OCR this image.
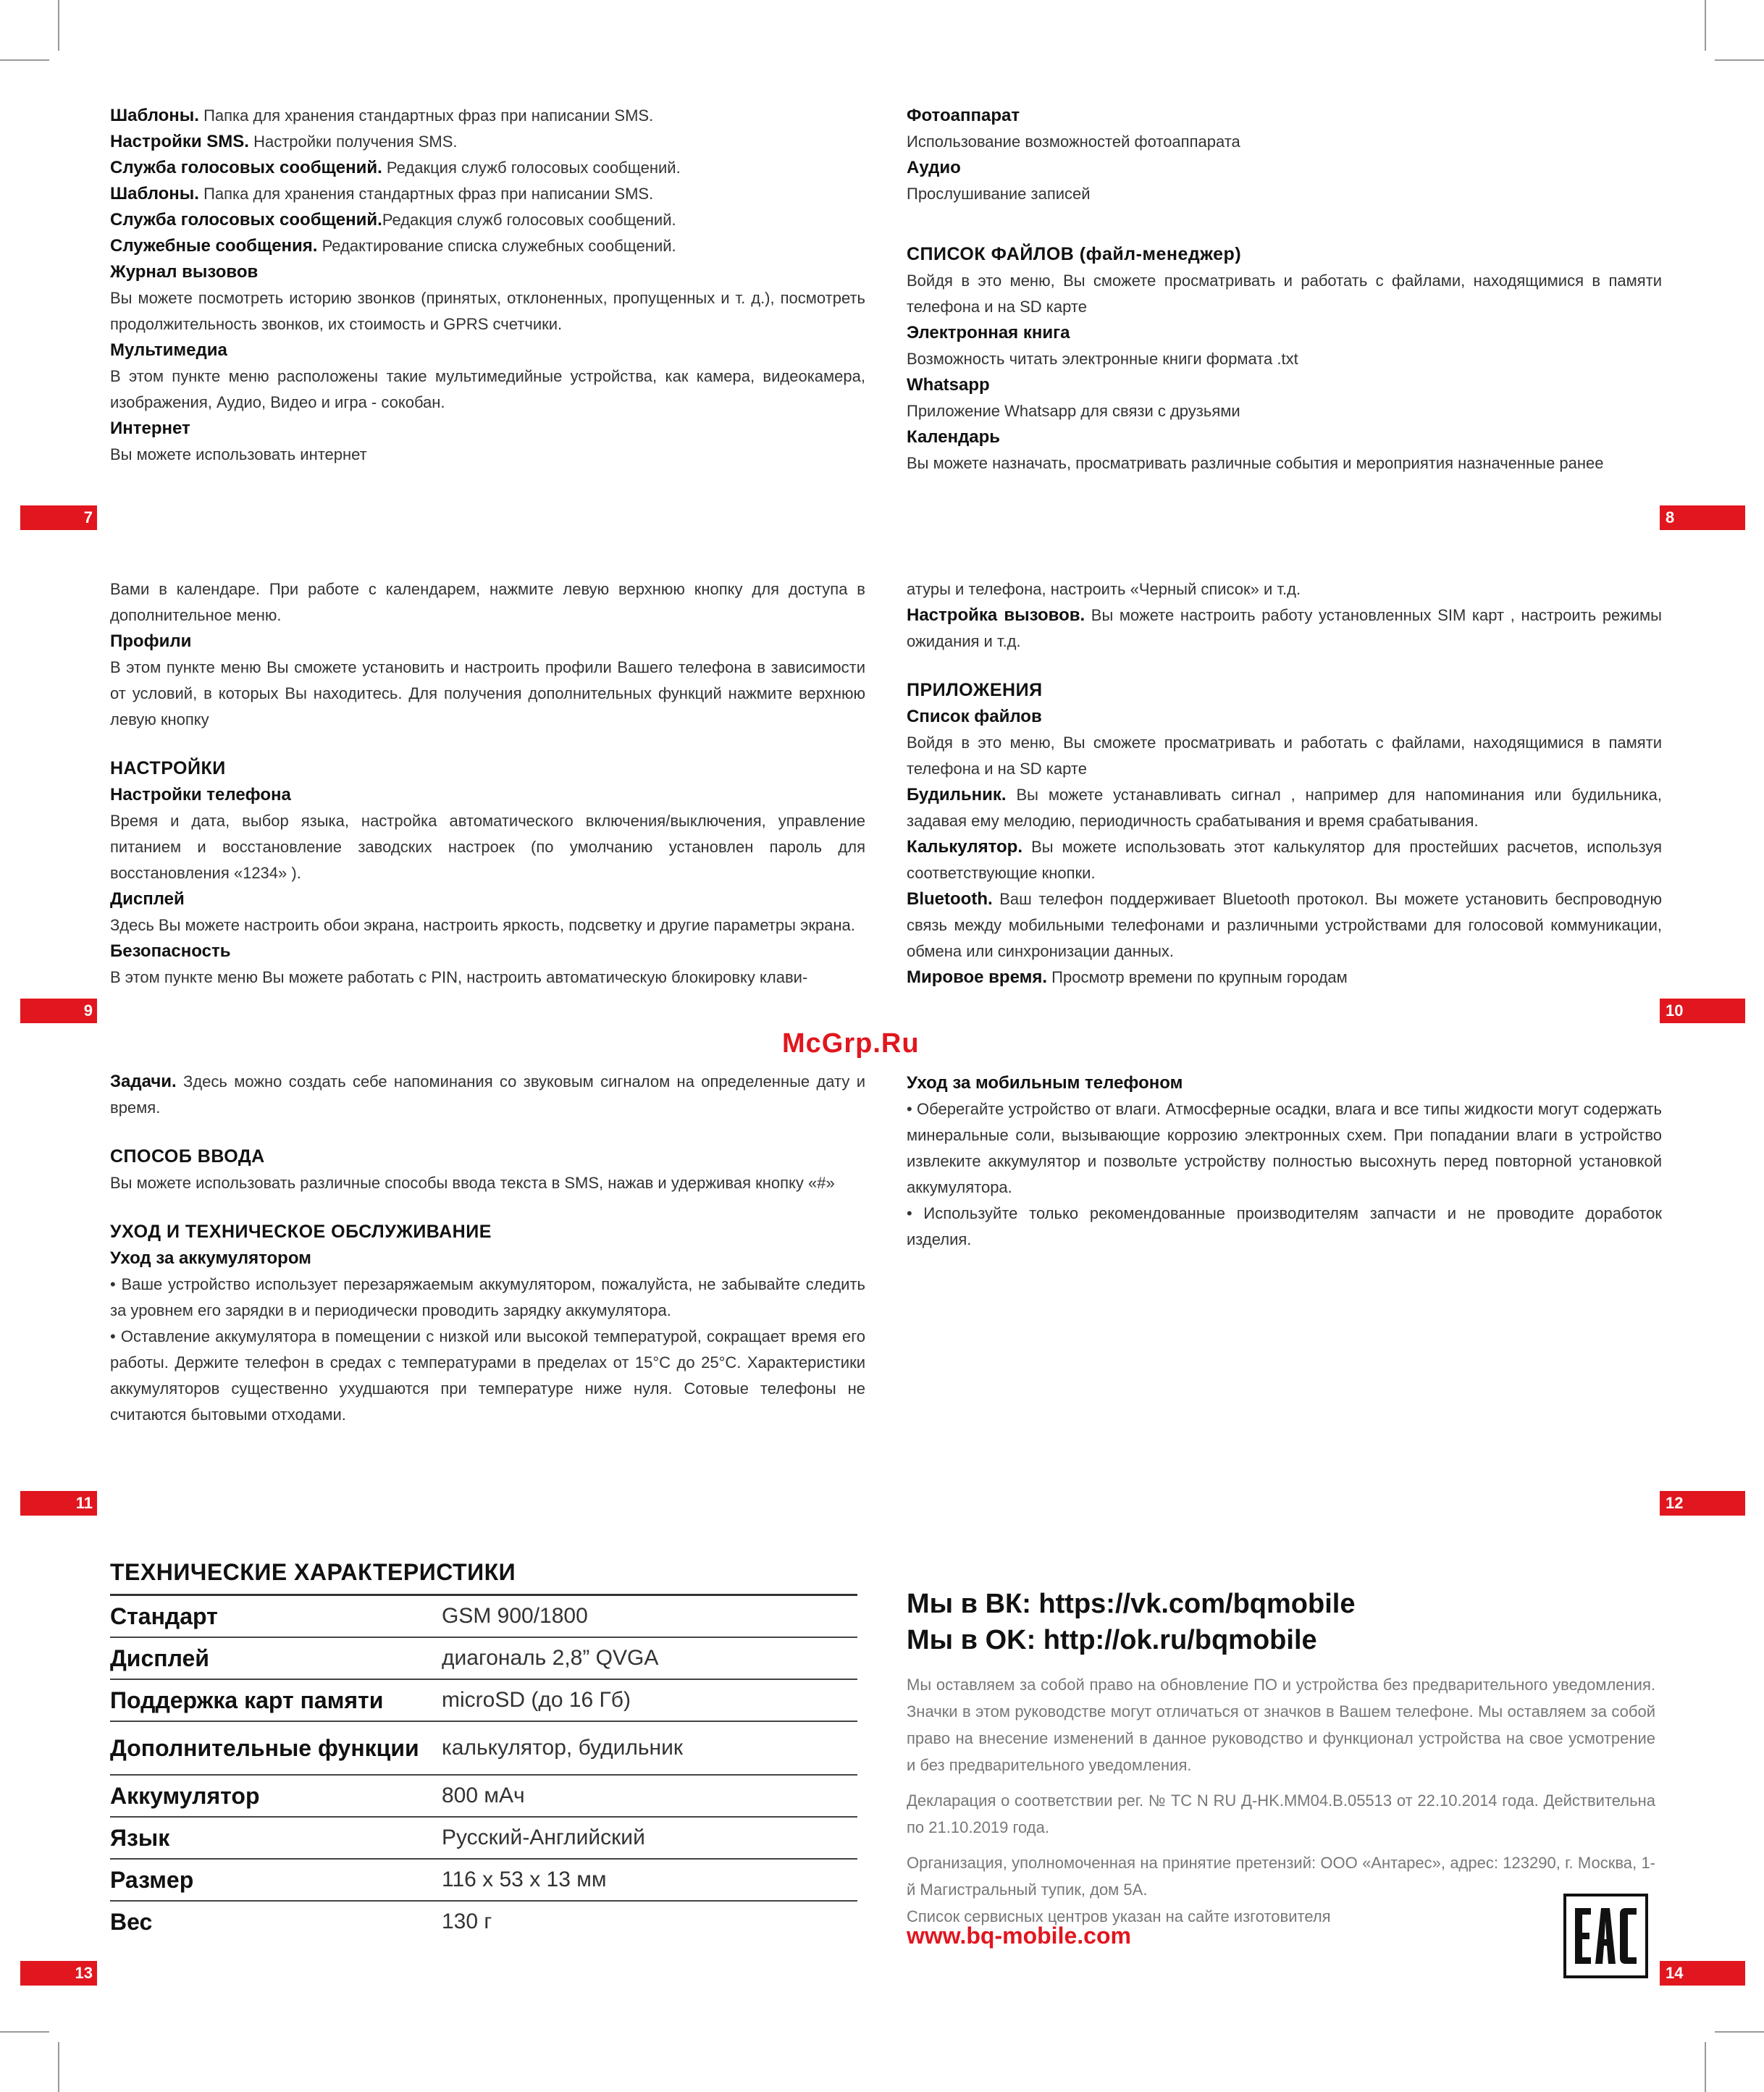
Шаблоны. Папка для хранения стандартных фраз при написании SMS.

Настройки SMS. Настройки получения SMS.

Служба голосовых сообщений. Редакция служб голосовых сообщений.

Шаблоны. Папка для хранения стандартных фраз при написании SMS.

Служба голосовых сообщений.Редакция служб голосовых сообщений.

Служебные сообщения. Редактирование списка служебных сообщений.

Журнал вызовов

Вы можете посмотреть историю звонков (принятых, отклоненных, пропущенных и т. д.), посмотреть продолжительность звонков, их стоимость и GPRS счетчики.

Мультимедиа

В этом пункте меню расположены такие мультимедийные устройства, как камера, видеокамера, изображения, Аудио, Видео и игра - сокобан.

Интернет

Вы можете использовать интернет

Фотоаппарат

Использование возможностей фотоаппарата

Аудио

Прослушивание записей

СПИСОК ФАЙЛОВ (файл-менеджер)

Войдя в это меню, Вы сможете просматривать и работать с файлами, находящимися в памяти телефона и на SD карте

Электронная книга

Возможность читать электронные книги формата .txt

Whatsapp

Приложение Whatsapp для связи с друзьями

Календарь

Вы можете назначать, просматривать различные события и мероприятия назначенные ранее

Вами в календаре. При работе с календарем, нажмите левую верхнюю кнопку для доступа в дополнительное меню.

Профили

В этом пункте меню Вы сможете установить и настроить профили Вашего телефона в зависимости от условий, в которых Вы находитесь. Для получения дополнительных функций нажмите верхнюю левую кнопку

НАСТРОЙКИ
Настройки телефона

Время и дата, выбор языка, настройка автоматического включения/выключения, управление питанием и восстановление заводских настроек (по умолчанию установлен пароль для восстановления «1234» ).

Дисплей

Здесь Вы можете настроить обои экрана, настроить яркость, подсветку и другие параметры экрана.

Безопасность

В этом пункте меню Вы можете работать с PIN, настроить автоматическую блокировку клави-

атуры и телефона, настроить «Черный список» и т.д.

Настройка вызовов. Вы можете настроить работу установленных SIM карт , настроить режимы ожидания и т.д.

ПРИЛОЖЕНИЯ
Список файлов

Войдя в это меню, Вы сможете просматривать и работать с файлами, находящимися в памяти телефона и на SD карте

Будильник. Вы можете устанавливать сигнал , например для напоминания или будильника, задавая ему мелодию, периодичность срабатывания и время срабатывания.

Калькулятор. Вы можете использовать этот калькулятор для простейших расчетов, используя соответствующие кнопки.

Bluetooth. Ваш телефон поддерживает Bluetooth протокол. Вы можете установить беспроводную связь между мобильными телефонами и различными устройствами для голосовой коммуникации, обмена или синхронизации данных.

Мировое время. Просмотр времени по крупным городам

Задачи. Здесь можно создать себе напоминания со звуковым сигналом на определенные дату и время.

СПОСОБ ВВОДА

Вы можете использовать различные способы ввода текста в SMS, нажав и удерживая кнопку «#»

УХОД И ТЕХНИЧЕСКОЕ ОБСЛУЖИВАНИЕ
Уход за аккумулятором

• Ваше устройство использует перезаряжаемым аккумулятором, пожалуйста, не забывайте следить за уровнем его зарядки в и периодически проводить зарядку аккумулятора.

• Оставление аккумулятора в помещении с низкой или высокой температурой, сокращает время его работы. Держите телефон в средах с температурами в пределах от 15°С до 25°С. Характеристики аккумуляторов существенно ухудшаются при температуре ниже нуля. Сотовые телефоны не считаются бытовыми отходами.

Уход за мобильным телефоном

• Оберегайте устройство от влаги. Атмосферные осадки, влага и все типы жидкости могут содержать минеральные соли, вызывающие коррозию электронных схем. При попадании влаги в устройство извлеките аккумулятор и позвольте устройству полностью высохнуть перед повторной установкой аккумулятора.

• Используйте только рекомендованные производителям запчасти и не проводите доработок изделия.

7	8
9	10
11	12
13	14
McGrp.Ru
ТЕХНИЧЕСКИЕ ХАРАКТЕРИСТИКИ
Стандарт	GSM 900/1800
Дисплей	диагональ 2,8” QVGA
Поддержка карт памяти	microSD (до 16 Гб)
Дополнительные функции	калькулятор, будильник
Аккумулятор	800 мАч
Язык	Русский-Английский
Размер	116 х 53 х 13 мм
Вес	130 г
Мы в ВК: https://vk.com/bqmobile
Мы в OK: http://ok.ru/bqmobile

Мы оставляем за собой право на обновление ПО и устройства без предварительного уведомления. Значки в этом руководстве могут отличаться от значков в Вашем телефоне. Мы оставляем за собой право на внесение изменений в данное руководство и функционал устройства на свое усмотрение и без предварительного уведомления.

Декларация о соответствии рег. № ТС N RU Д-HK.MM04.B.05513 от 22.10.2014 года. Действительна по 21.10.2019 года.

Организация, уполномоченная на принятие претензий: ООО «Антарес», адрес: 123290, г. Москва, 1-й Магистральный тупик, дом 5А.

Список сервисных центров указан на сайте изготовителя

www.bq-mobile.com
